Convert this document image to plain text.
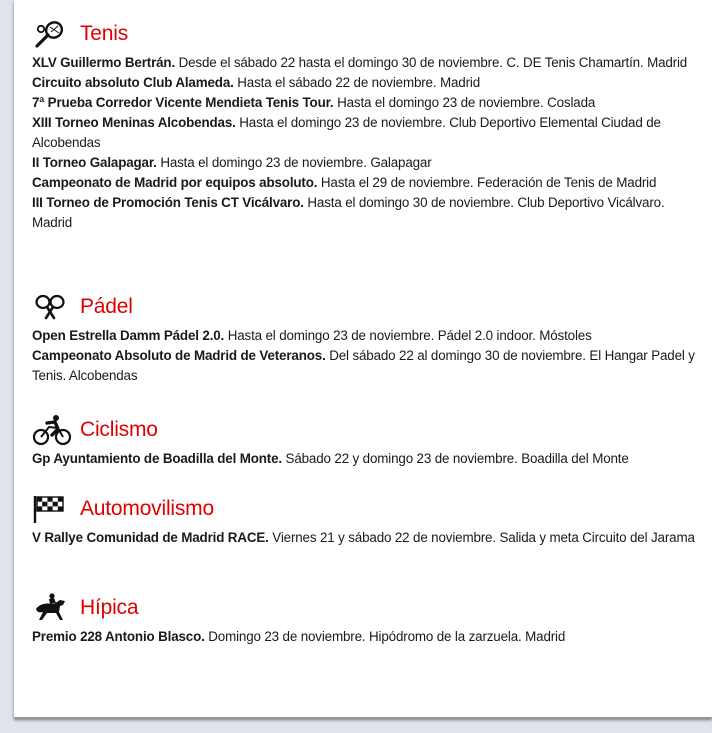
Tenis
XLV Guillermo Bertrán. Desde el sábado 22 hasta el domingo 30 de noviembre. C. DE Tenis Chamartín. Madrid
Circuito absoluto Club Alameda. Hasta el sábado 22 de noviembre. Madrid
7ª Prueba Corredor Vicente Mendieta Tenis Tour. Hasta el domingo 23 de noviembre. Coslada
XIII Torneo Meninas Alcobendas. Hasta el domingo 23 de noviembre. Club Deportivo Elemental Ciudad de Alcobendas
II Torneo Galapagar. Hasta el domingo 23 de noviembre. Galapagar
Campeonato de Madrid por equipos absoluto. Hasta el 29 de noviembre. Federación de Tenis de Madrid
III Torneo de Promoción Tenis CT Vicálvaro. Hasta el domingo 30 de noviembre. Club Deportivo Vicálvaro. Madrid
Pádel
Open Estrella Damm Pádel 2.0. Hasta el domingo 23 de noviembre. Pádel 2.0 indoor. Móstoles
Campeonato Absoluto de Madrid de Veteranos. Del sábado 22 al domingo 30 de noviembre. El Hangar Padel y Tenis. Alcobendas
Ciclismo
Gp Ayuntamiento de Boadilla del Monte. Sábado 22 y domingo 23 de noviembre. Boadilla del Monte
Automovilismo
V Rallye Comunidad de Madrid RACE. Viernes 21 y sábado 22 de noviembre. Salida y meta Circuito del Jarama
Hípica
Premio 228 Antonio Blasco. Domingo 23 de noviembre. Hipódromo de la zarzuela. Madrid
